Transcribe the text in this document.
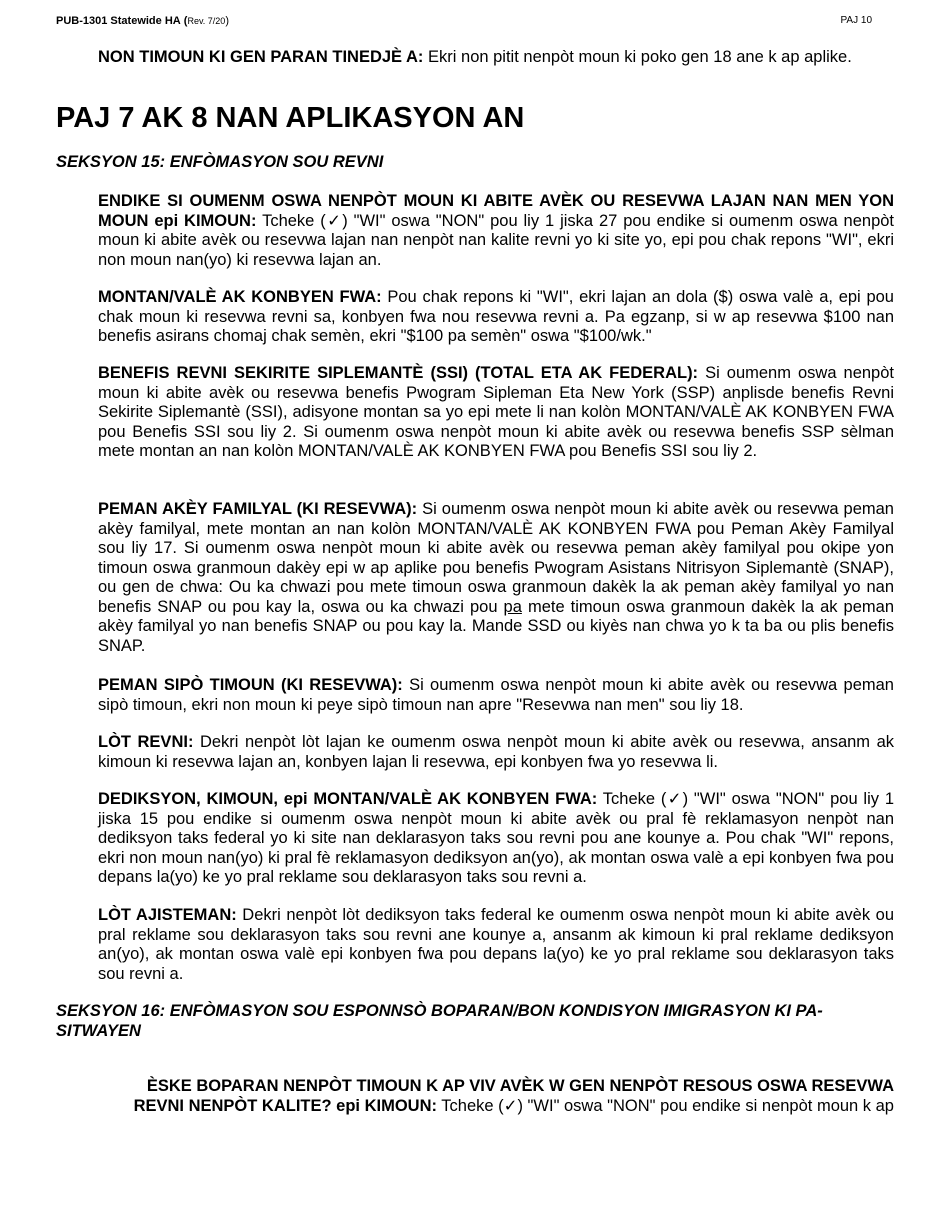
PUB-1301 Statewide HA (Rev. 7/20)	PAJ 10
NON TIMOUN KI GEN PARAN TINEDJÈ A: Ekri non pitit nenpòt moun ki poko gen 18 ane k ap aplike.
PAJ 7 AK 8 NAN APLIKASYON AN
SEKSYON 15: ENFÒMASYON SOU REVNI

ENDIKE SI OUMENM OSWA NENPÒT MOUN KI ABITE AVÈK OU RESEVWA LAJAN NAN MEN YON MOUN epi KIMOUN: Tcheke (✓) "WI" oswa "NON" pou liy 1 jiska 27 pou endike si oumenm oswa nenpòt moun ki abite avèk ou resevwa lajan nan nenpòt nan kalite revni yo ki site yo, epi pou chak repons "WI", ekri non moun nan(yo) ki resevwa lajan an.

MONTAN/VALÈ AK KONBYEN FWA: Pou chak repons ki "WI", ekri lajan an dola ($) oswa valè a, epi pou chak moun ki resevwa revni sa, konbyen fwa nou resevwa revni a. Pa egzanp, si w ap resevwa $100 nan benefis asirans chomaj chak semèn, ekri "$100 pa semèn" oswa "$100/wk."

BENEFIS REVNI SEKIRITE SIPLEMANTÈ (SSI) (TOTAL ETA AK FEDERAL): Si oumenm oswa nenpòt moun ki abite avèk ou resevwa benefis Pwogram Sipleman Eta New York (SSP) anplisde benefis Revni Sekirite Siplemantè (SSI), adisyone montan sa yo epi mete li nan kolòn MONTAN/VALÈ AK KONBYEN FWA pou Benefis SSI sou liy 2. Si oumenm oswa nenpòt moun ki abite avèk ou resevwa benefis SSP sèlman mete montan an nan kolòn MONTAN/VALÈ AK KONBYEN FWA pou Benefis SSI sou liy 2.

PEMAN AKÈY FAMILYAL (KI RESEVWA): Si oumenm oswa nenpòt moun ki abite avèk ou resevwa peman akèy familyal, mete montan an nan kolòn MONTAN/VALÈ AK KONBYEN FWA pou Peman Akèy Familyal sou liy 17. Si oumenm oswa nenpòt moun ki abite avèk ou resevwa peman akèy familyal pou okipe yon timoun oswa granmoun dakèy epi w ap aplike pou benefis Pwogram Asistans Nitrisyon Siplemantè (SNAP), ou gen de chwa: Ou ka chwazi pou mete timoun oswa granmoun dakèk la ak peman akèy familyal yo nan benefis SNAP ou pou kay la, oswa ou ka chwazi pou pa mete timoun oswa granmoun dakèk la ak peman akèy familyal yo nan benefis SNAP ou pou kay la. Mande SSD ou kiyès nan chwa yo k ta ba ou plis benefis SNAP.

PEMAN SIPÒ TIMOUN (KI RESEVWA): Si oumenm oswa nenpòt moun ki abite avèk ou resevwa peman sipò timoun, ekri non moun ki peye sipò timoun nan apre "Resevwa nan men" sou liy 18.

LÒT REVNI: Dekri nenpòt lòt lajan ke oumenm oswa nenpòt moun ki abite avèk ou resevwa, ansanm ak kimoun ki resevwa lajan an, konbyen lajan li resevwa, epi konbyen fwa yo resevwa li.

DEDIKSYON, KIMOUN, epi MONTAN/VALÈ AK KONBYEN FWA: Tcheke (✓) "WI" oswa "NON" pou liy 1 jiska 15 pou endike si oumenm oswa nenpòt moun ki abite avèk ou pral fè reklamasyon nenpòt nan dediksyon taks federal yo ki site nan deklarasyon taks sou revni pou ane kounye a. Pou chak "WI" repons, ekri non moun nan(yo) ki pral fè reklamasyon dediksyon an(yo), ak montan oswa valè a epi konbyen fwa pou depans la(yo) ke yo pral reklame sou deklarasyon taks sou revni a.

LÒT AJISTEMAN: Dekri nenpòt lòt dediksyon taks federal ke oumenm oswa nenpòt moun ki abite avèk ou pral reklame sou deklarasyon taks sou revni ane kounye a, ansanm ak kimoun ki pral reklame dediksyon an(yo), ak montan oswa valè epi konbyen fwa pou depans la(yo) ke yo pral reklame sou deklarasyon taks sou revni a.

SEKSYON 16: ENFÒMASYON SOU ESPONNSÒ BOPARAN/BON KONDISYON IMIGRASYON KI PA-SITWAYEN

ÈSKE BOPARAN NENPÒT TIMOUN K AP VIV AVÈK W GEN NENPÒT RESOUS OSWA RESEVWA
REVNI NENPÒT KALITE? epi KIMOUN: Tcheke (✓) "WI" oswa "NON" pou endike si nenpòt moun k ap
